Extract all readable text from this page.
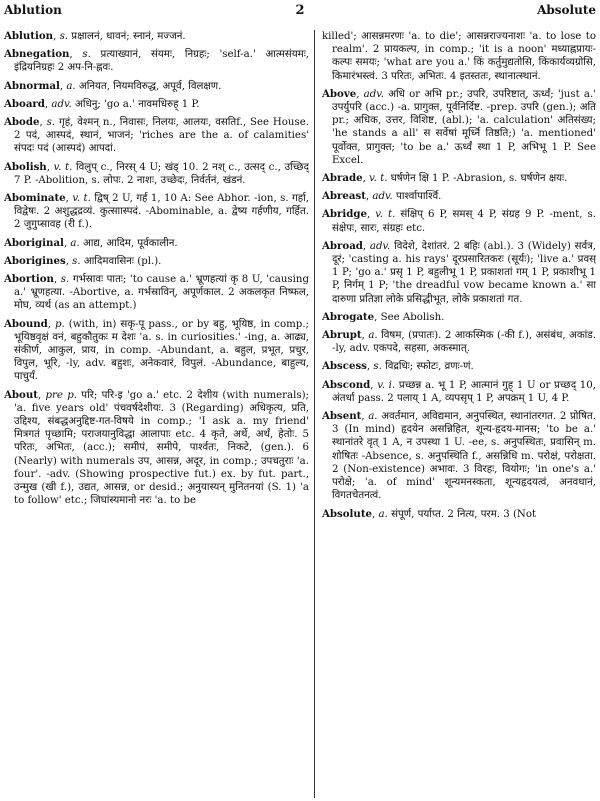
Ablution	2	Absolute

Ablution, s. प्रक्षालनं, धावनं; स्नानं, मज्जनं.

Abnegation, s. प्रत्याख्यानं, संयमः, निग्रहः; 'self-a.' आत्मसंयमः, इंद्रियनिग्रहः 2 अप-नि-ह्नवः.

Abnormal, a. अनियत, नियमविरुद्ध, अपूर्व, विलक्षण.

Aboard, adv. अधिनु; 'go a.' नावमधिरुह् 1 P.

Abode, s. गृहं, वेश्मन् n., निवासः, निलयः, आलयः, वसतिf., See House. 2 पदं, आस्पदं, स्थानं, भाजनं; 'riches are the a. of calamities' संपदः पदं (आस्पदं) आपदां.

Abolish, v. t. विलुप् c., निरस् 4 U; खंड् 10. 2 नश् c., उत्सद् c., उच्छिद् 7 P. -Abolition, s. लोपः. 2 नाशः, उच्छेदः, निर्वर्तनं, खंडनं.

Abominate, v. t. द्विष् 2 U, गर्ह 1, 10 A: See Abhor. -ion, s. गर्हा, विद्वेषः. 2 अशुद्धद्रव्यं. कुत्साास्पदं. -Abominable, a. द्वेष्य गर्हणीय, गर्हित. 2 जुगुप्सावह (री f.).

Aboriginal, a. आद्य, आदिम, पूर्वकालीन.

Aborigines, s. आदिमवासिनः (pl.).

Abortion, s. गर्भस्रावः पातः; 'to cause a.' भ्रूणहत्यां कृ 8 U, 'causing a.' भ्रूणहत्या. -Abortive, a. गर्भस्राविन्, अपूर्णकाल. 2 अकलकृत निष्फल, मोघ, व्यर्थ (as an attempt.)

Abound, p. (with, in) सकृ-पू pass., or by बहु, भूयिष्ठ, in comp.; भूयिष्ठवृक्षं वनं, बहुकौतुकः म देशः 'a. s. in curiosities.' -ing, a. आढ्य, संकीर्ण, आकुल, प्राय, in comp. -Abundant, a. बहुल, प्रभूत, प्रचुर, विपुल, भूरि, -ly, adv. बहुशः, अनेकवारं, विपुलं. -Abundance, बाहुल्य, पाचुर्यं.

About, pre p. परि; परि-इ 'go a.' etc. 2 देशीय (with numerals); 'a. five years old' पंचवर्षदेशीयः. 3 (Regarding) अधिकृत्य, प्रति, उद्दिश्य, संबद्धअनुद्दिष्ट-गत-विषये in comp.; 'I ask a. my friend' मित्रगतं पृच्छामि; पराजयानुविद्धा आलापाः etc. 4 कृते, अर्थे, अर्थं, हेतोः. 5 परितः, अभितः, (acc.); समीपं, समीपे, पार्श्वतः, निकटे, (gen.). 6 (Nearly) with numerals उप, आसन्न, अदूर, in comp.; उपचतुराः 'a. four'. -adv. (Showing prospective fut.) ex. by fut. part., उन्मुख (खी f.), उद्यत, आसन्न, or desid.; अनुयास्यन् मुनितनयां (S. 1) 'a to follow' etc.; जिघांस्यमानो नरः 'a. to be

killed'; आसन्नमरणः 'a. to die'; आसन्नराज्यनाशः 'a. to lose to realm'. 2 प्रायकल्प, in comp.; 'it is a noon' मध्याह्नप्रायः-कल्पः समयः; 'what are you a.' किं कर्तुमुद्यतोसि, किंकार्यव्यग्रोसि, किमारंभस्त्वं. 3 परितः, अभितः. 4 इतस्ततः, स्थानात्स्थानं.

Above, adv. अधि or अभि pr.; उपरि, उपरिष्टात्, ऊर्ध्वं; 'just a.' उपर्युपरि (acc.) -a. प्रागुक्त, पूर्वनिर्दिष्ट. -prep. उपरि (gen.); अति pr.; अधिक, उत्तर, विशिष्ट, (abl.); 'a. calculation' अतिसंख्य; 'he stands a all' स सर्वेषां मूर्ध्नि तिष्ठति;) 'a. mentioned' पूर्वोक्त, प्रागुक्त; 'to be a.' ऊर्ध्वं स्था 1 P, अभिभू 1 P. See Excel.

Abrade, v. t. घर्षणेन क्षि 1 P. -Abrasion, s. घर्षणेन क्षयः.

Abreast, adv. पार्श्वापार्श्वि.

Abridge, v. t. संक्षिप् 6 P, समस् 4 P, संग्रह 9 P. -ment, s. संक्षेपः, सारः, संग्रहः etc.

Abroad, adv. विदेशे, देशांतरं. 2 बहिः (abl.). 3 (Widely) सर्वत्र, दूरं; 'casting a. his rays' दूरप्रसारितकरः (सूर्यः); 'live a.' प्रवस् 1 P; 'go a.' प्रसृ 1 P, बहुलीभू 1 P, प्रकाशतां गम् 1 P, प्रकाशीभू 1 P, निर्गम् 1 P; 'the dreadful vow became known a.' सा दारुणा प्रतिज्ञा लोके प्रसिद्धीभूत, लोके प्रकाशतां गत.

Abrogate, See Abolish.

Abrupt, a. विषम, (प्रपातः). 2 आकस्मिक (-की f.), असंबंध, अकांड. -ly, adv. एकपदे, सहसा, अकस्मात्.

Abscess, s. विद्रधिः; स्फोटः, व्रणः-णं.

Abscond, v. i. प्रच्छन्न a. भू 1 P, आत्मानं गुह् 1 U or प्रच्छद् 10, अंतर्धा pass. 2 पलाय् 1 A, व्यपसृप् 1 P, अपक्रम् 1 U, 4 P.

Absent, a. अवर्तमान, अविद्यमान, अनुपस्थित, स्थानांतरगत. 2 प्रोषित. 3 (In mind) हृदयेन असन्निहित, शून्य-हृदय-मानस; 'to be a.' स्थानांतरे वृत् 1 A, न उपस्था 1 U. -ee, s. अनुपस्थितः, प्रवासिन् m. शोषितः -Absence, s. अनुपस्थिति f., असन्निधि m. परोक्षं, परोक्षता. 2 (Non-existence) अभावः. 3 विरहः, वियोगः; 'in one's a.' परोक्षे; 'a. of mind' शून्यमनस्कता, शून्यहृदयत्वं, अनवधानं, विगतचेतनत्वं.

Absolute, a. संपूर्ण, पर्याप्त. 2 नित्य, परम. 3 (Not
